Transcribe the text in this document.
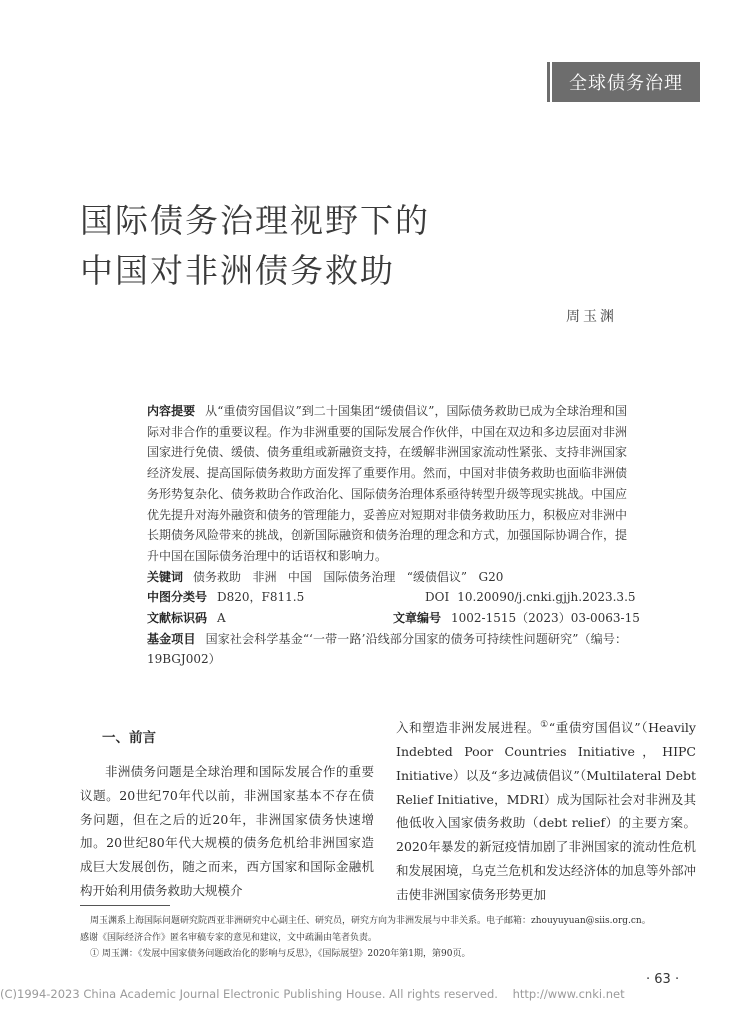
全球债务治理
国际债务治理视野下的
中国对非洲债务救助
周玉渊

内容提要 从“重债穷国倡议”到二十国集团“缓债倡议”，国际债务救助已成为全球治理和国际对非合作的重要议程。作为非洲重要的国际发展合作伙伴，中国在双边和多边层面对非洲国家进行免债、缓债、债务重组或新融资支持，在缓解非洲国家流动性紧张、支持非洲国家经济发展、提高国际债务救助方面发挥了重要作用。然而，中国对非债务救助也面临非洲债务形势复杂化、债务救助合作政治化、国际债务治理体系亟待转型升级等现实挑战。中国应优先提升对海外融资和债务的管理能力，妥善应对短期对非债务救助压力，积极应对非洲中长期债务风险带来的挑战，创新国际融资和债务治理的理念和方式，加强国际协调合作，提升中国在国际债务治理中的话语权和影响力。

关键词 债务救助   非洲   中国   国际债务治理   “缓债倡议”   G20
中图分类号 D820，F811.5	DOI 10.20090/j.cnki.gjjh.2023.3.5
文献标识码 A	文章编号 1002-1515（2023）03-0063-15

基金项目 国家社会科学基金“‘一带一路’沿线部分国家的债务可持续性问题研究”（编号：19BGJ002）

一、前言

非洲债务问题是全球治理和国际发展合作的重要议题。20世纪70年代以前，非洲国家基本不存在债务问题，但在之后的近20年，非洲国家债务快速增加。20世纪80年代大规模的债务危机给非洲国家造成巨大发展创伤，随之而来，西方国家和国际金融机构开始利用债务救助大规模介

入和塑造非洲发展进程。①“重债穷国倡议”（Heavily Indebted Poor Countries Initiative，HIPC Initiative）以及“多边减债倡议”（Multilateral Debt Relief Initiative，MDRI）成为国际社会对非洲及其他低收入国家债务救助（debt relief）的主要方案。2020年暴发的新冠疫情加剧了非洲国家的流动性危机和发展困境，乌克兰危机和发达经济体的加息等外部冲击使非洲国家债务形势更加

周玉渊系上海国际问题研究院西亚非洲研究中心副主任、研究员，研究方向为非洲发展与中非关系。电子邮箱：zhouyuyuan@siis.org.cn。

感谢《国际经济合作》匿名审稿专家的意见和建议，文中疏漏由笔者负责。

① 周玉渊：《发展中国家债务问题政治化的影响与反思》，《国际展望》2020年第1期，第90页。

· 63 ·
(C)1994-2023 China Academic Journal Electronic Publishing House. All rights reserved.    http://www.cnki.net
